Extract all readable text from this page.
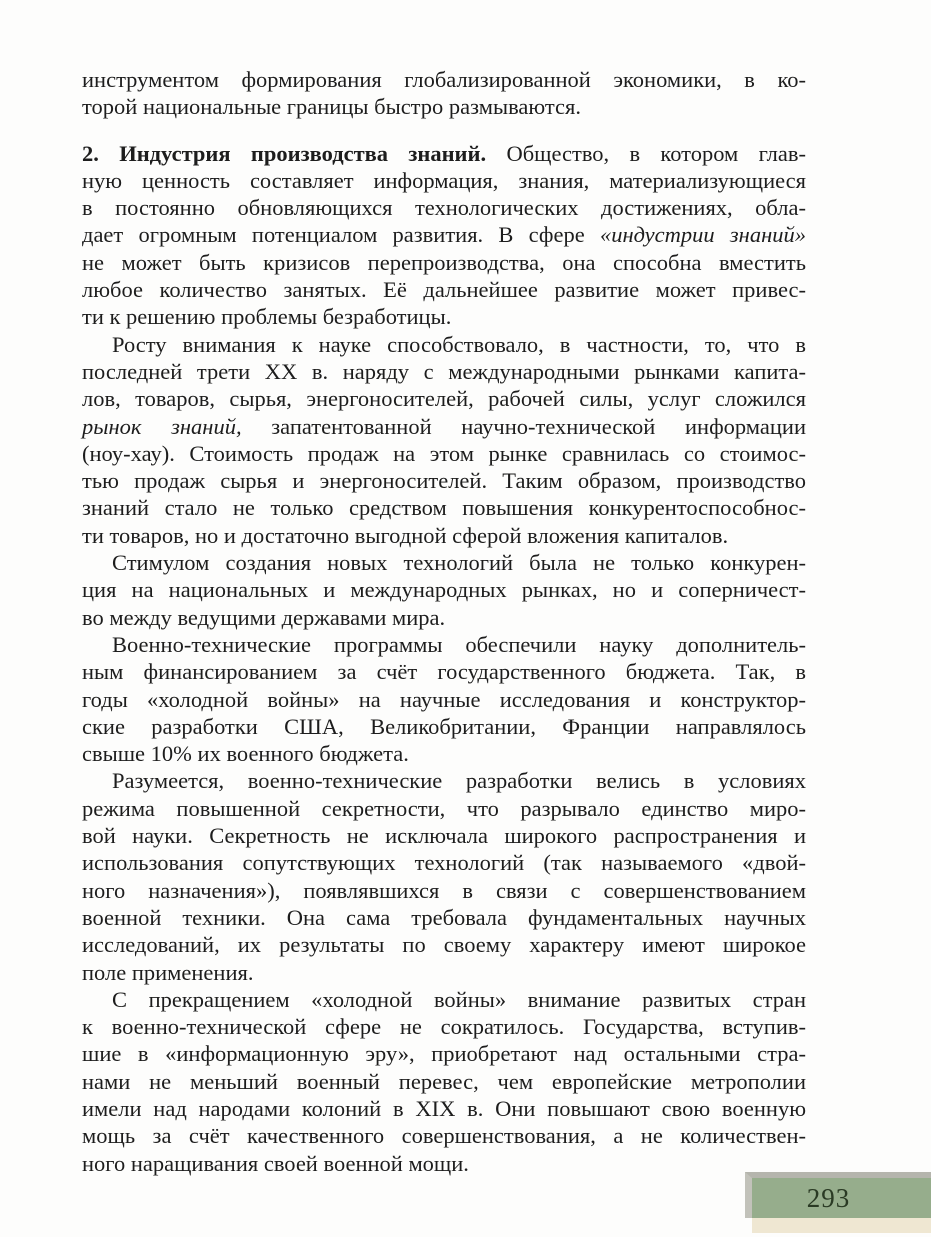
инструментом формирования глобализированной экономики, в ко-
торой национальные границы быстро размываются.
2. Индустрия производства знаний. Общество, в котором глав-
ную ценность составляет информация, знания, материализующиеся
в постоянно обновляющихся технологических достижениях, обла-
дает огромным потенциалом развития. В сфере «индустрии знаний»
не может быть кризисов перепроизводства, она способна вместить
любое количество занятых. Её дальнейшее развитие может привес-
ти к решению проблемы безработицы.
Росту внимания к науке способствовало, в частности, то, что в
последней трети XX в. наряду с международными рынками капита-
лов, товаров, сырья, энергоносителей, рабочей силы, услуг сложился
рынок знаний, запатентованной научно-технической информации
(ноу-хау). Стоимость продаж на этом рынке сравнилась со стоимос-
тью продаж сырья и энергоносителей. Таким образом, производство
знаний стало не только средством повышения конкурентоспособнос-
ти товаров, но и достаточно выгодной сферой вложения капиталов.
Стимулом создания новых технологий была не только конкурен-
ция на национальных и международных рынках, но и соперничест-
во между ведущими державами мира.
Военно-технические программы обеспечили науку дополнитель-
ным финансированием за счёт государственного бюджета. Так, в
годы «холодной войны» на научные исследования и конструктор-
ские разработки США, Великобритании, Франции направлялось
свыше 10% их военного бюджета.
Разумеется, военно-технические разработки велись в условиях
режима повышенной секретности, что разрывало единство миро-
вой науки. Секретность не исключала широкого распространения и
использования сопутствующих технологий (так называемого «двой-
ного назначения»), появлявшихся в связи с совершенствованием
военной техники. Она сама требовала фундаментальных научных
исследований, их результаты по своему характеру имеют широкое
поле применения.
С прекращением «холодной войны» внимание развитых стран
к военно-технической сфере не сократилось. Государства, вступив-
шие в «информационную эру», приобретают над остальными стра-
нами не меньший военный перевес, чем европейские метрополии
имели над народами колоний в XIX в. Они повышают свою военную
мощь за счёт качественного совершенствования, а не количествен-
ного наращивания своей военной мощи.
293
